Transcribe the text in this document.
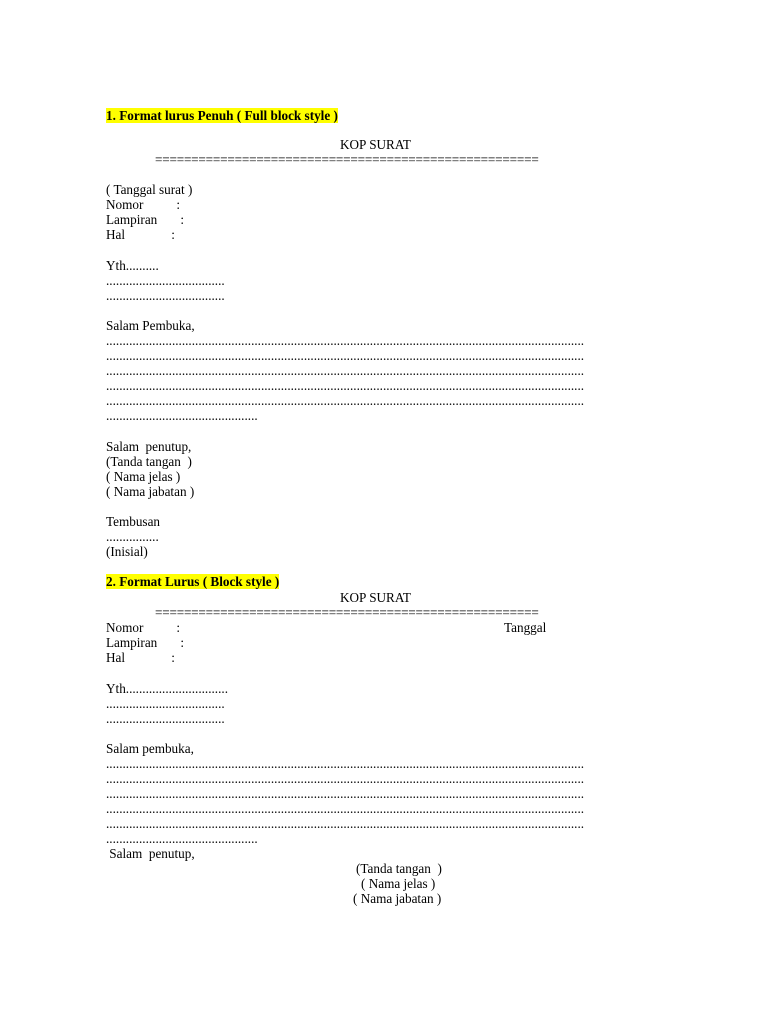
1. Format lurus Penuh ( Full block style )
KOP SURAT
=====================================================
( Tanggal surat )
Nomor          :
Lampiran       :
Hal              :
Yth..........
....................................
....................................
Salam Pembuka,
.................................................................................................................................................
.................................................................................................................................................
.................................................................................................................................................
.................................................................................................................................................
.................................................................................................................................................
..............................................
Salam  penutup,
(Tanda tangan  )
( Nama jelas )
( Nama jabatan )
Tembusan
................
(Inisial)
2. Format Lurus ( Block style )
KOP SURAT
=====================================================
Nomor          :	Tanggal
Lampiran       :
Hal              :
Yth...............................
....................................
....................................
Salam pembuka,
.................................................................................................................................................
.................................................................................................................................................
.................................................................................................................................................
.................................................................................................................................................
.................................................................................................................................................
..............................................
Salam  penutup,
(Tanda tangan  )
( Nama jelas )
( Nama jabatan )
